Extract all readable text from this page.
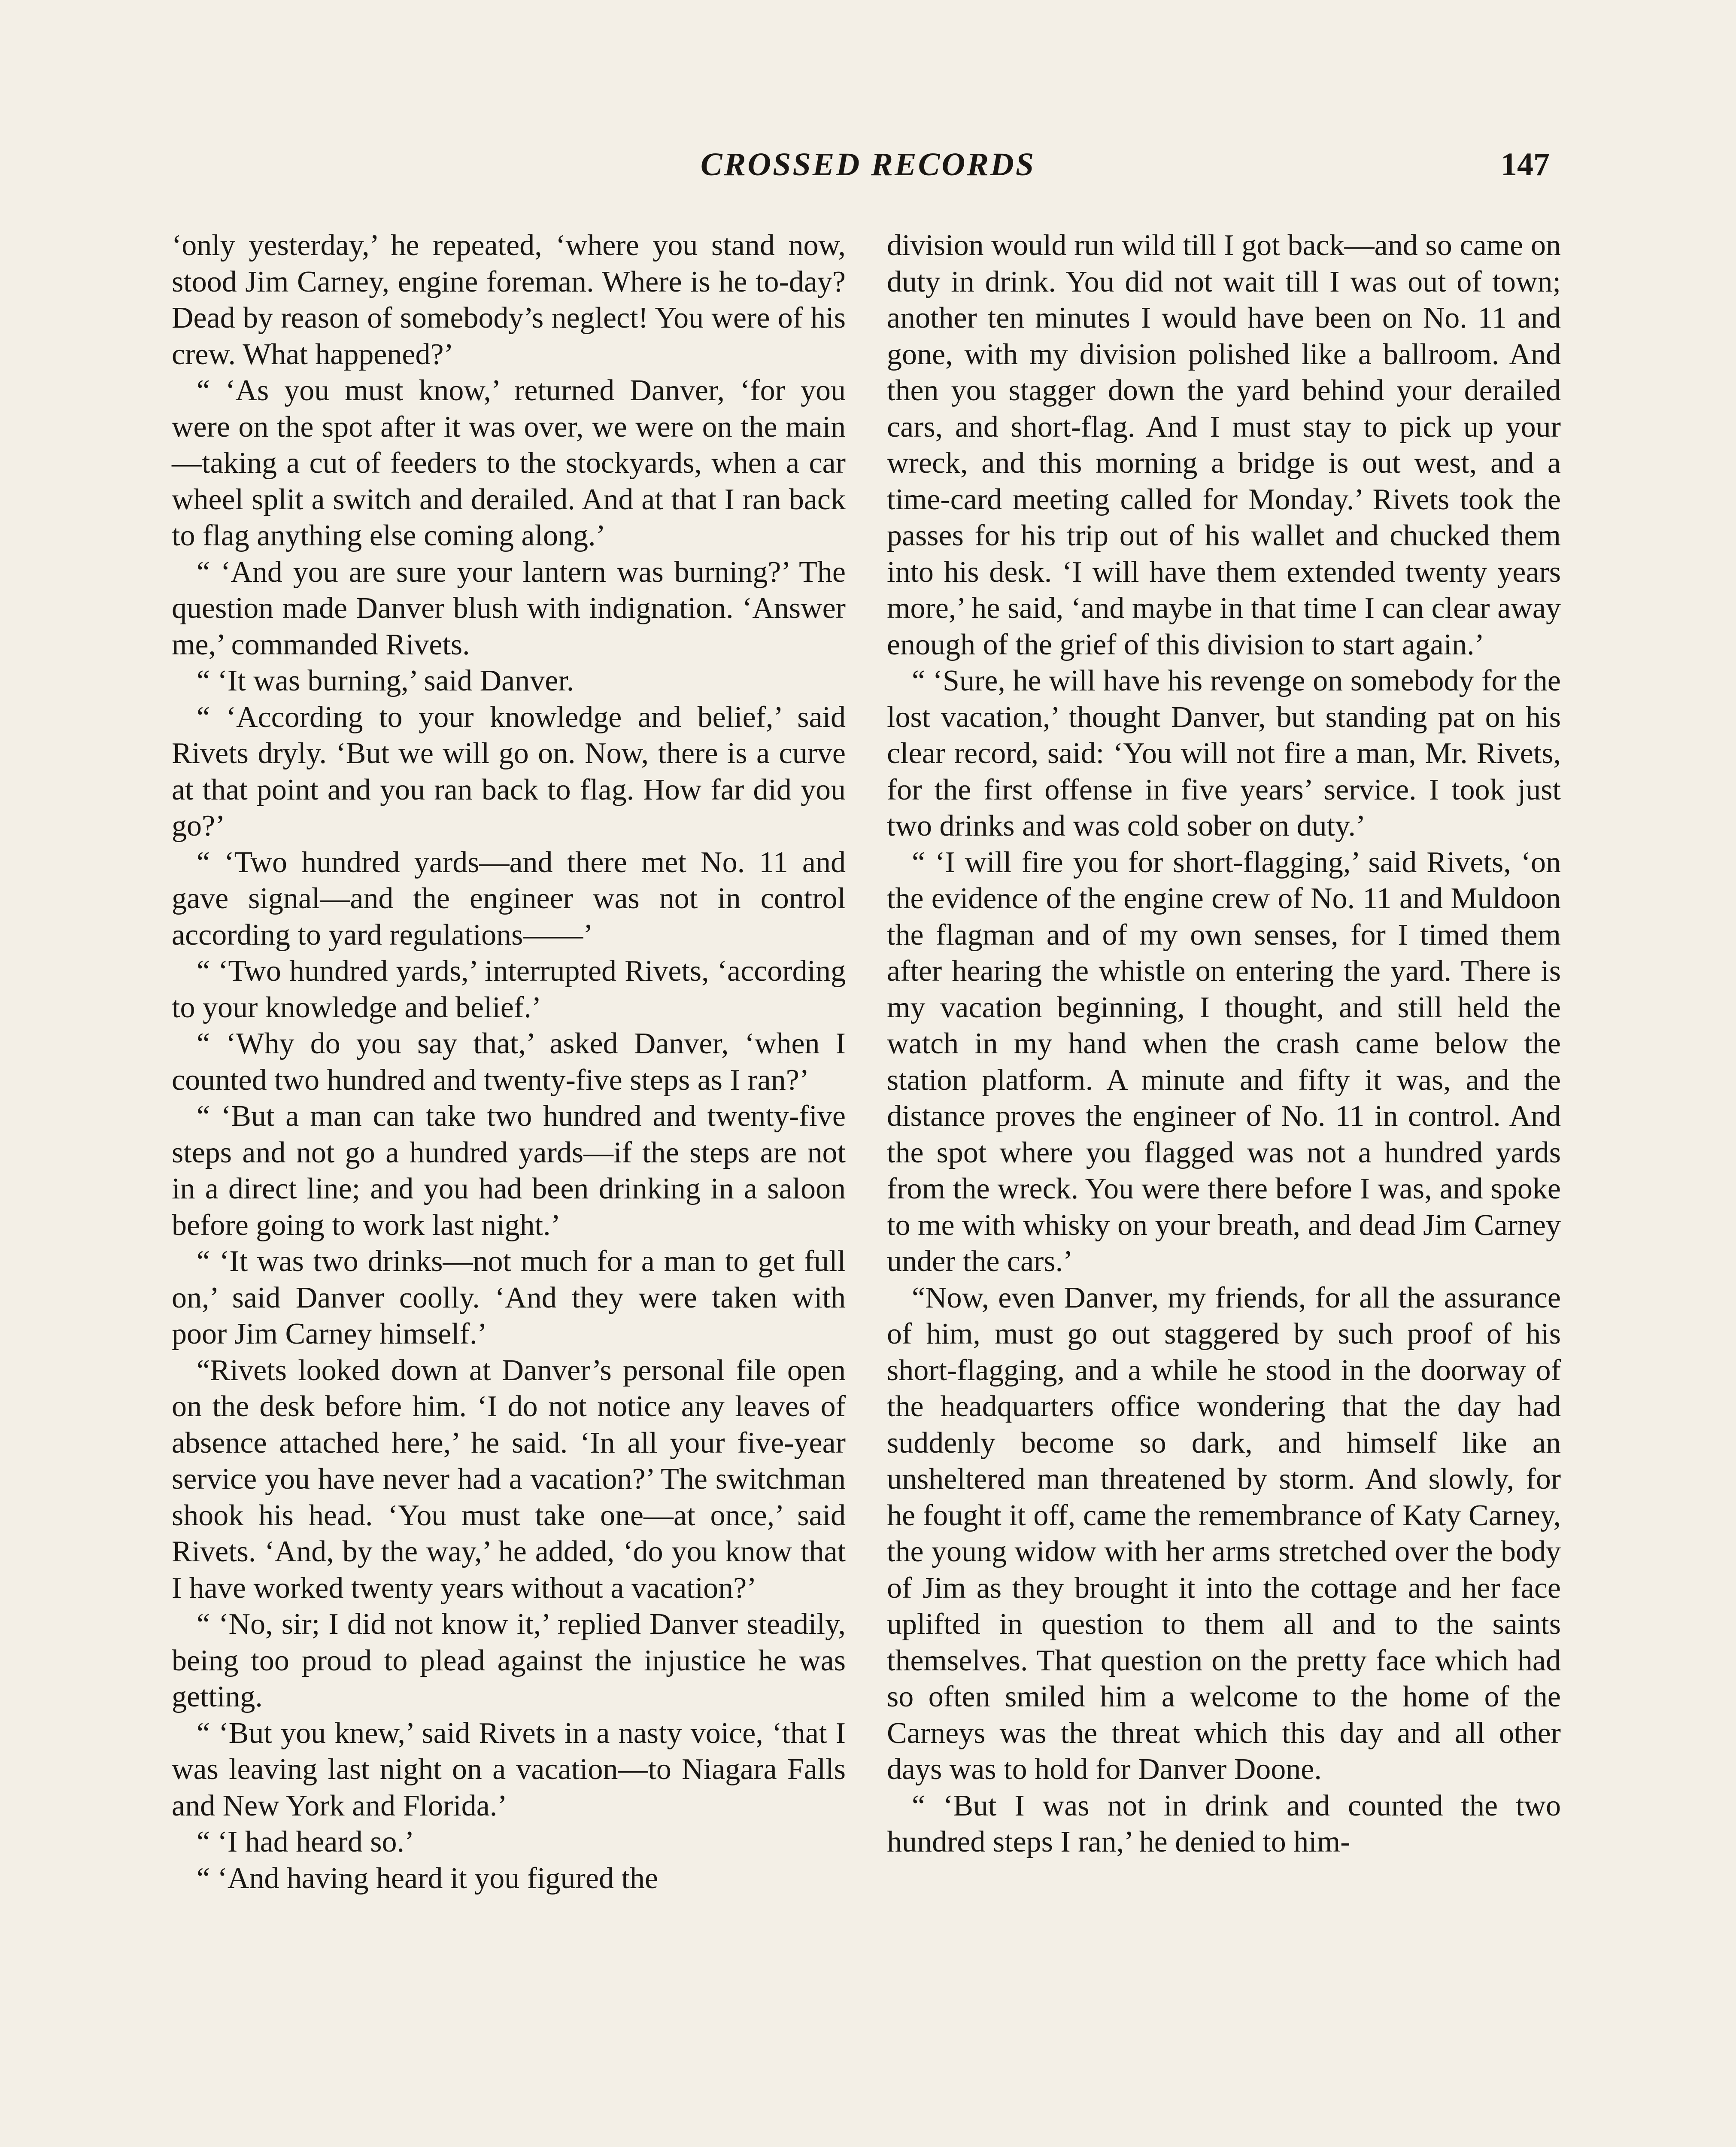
CROSSED RECORDS	147

‘only yesterday,’ he repeated, ‘where you stand now, stood Jim Carney, engine foreman. Where is he to-day? Dead by reason of somebody’s neglect! You were of his crew. What happened?’

“ ‘As you must know,’ returned Danver, ‘for you were on the spot after it was over, we were on the main—taking a cut of feeders to the stockyards, when a car wheel split a switch and derailed. And at that I ran back to flag anything else coming along.’

“ ‘And you are sure your lantern was burning?’ The question made Danver blush with indignation. ‘Answer me,’ commanded Rivets.

“ ‘It was burning,’ said Danver.

“ ‘According to your knowledge and belief,’ said Rivets dryly. ‘But we will go on. Now, there is a curve at that point and you ran back to flag. How far did you go?’

“ ‘Two hundred yards—and there met No. 11 and gave signal—and the engineer was not in control according to yard regulations——’

“ ‘Two hundred yards,’ interrupted Rivets, ‘according to your knowledge and belief.’

“ ‘Why do you say that,’ asked Danver, ‘when I counted two hundred and twenty-five steps as I ran?’

“ ‘But a man can take two hundred and twenty-five steps and not go a hundred yards—if the steps are not in a direct line; and you had been drinking in a saloon before going to work last night.’

“ ‘It was two drinks—not much for a man to get full on,’ said Danver coolly. ‘And they were taken with poor Jim Carney himself.’

“Rivets looked down at Danver’s personal file open on the desk before him. ‘I do not notice any leaves of absence attached here,’ he said. ‘In all your five-year service you have never had a vacation?’ The switchman shook his head. ‘You must take one—at once,’ said Rivets. ‘And, by the way,’ he added, ‘do you know that I have worked twenty years without a vacation?’

“ ‘No, sir; I did not know it,’ replied Danver steadily, being too proud to plead against the injustice he was getting.

“ ‘But you knew,’ said Rivets in a nasty voice, ‘that I was leaving last night on a vacation—to Niagara Falls and New York and Florida.’

“ ‘I had heard so.’

“ ‘And having heard it you figured the

division would run wild till I got back—and so came on duty in drink. You did not wait till I was out of town; another ten minutes I would have been on No. 11 and gone, with my division polished like a ballroom. And then you stagger down the yard behind your derailed cars, and short-flag. And I must stay to pick up your wreck, and this morning a bridge is out west, and a time-card meeting called for Monday.’ Rivets took the passes for his trip out of his wallet and chucked them into his desk. ‘I will have them extended twenty years more,’ he said, ‘and maybe in that time I can clear away enough of the grief of this division to start again.’

“ ‘Sure, he will have his revenge on somebody for the lost vacation,’ thought Danver, but standing pat on his clear record, said: ‘You will not fire a man, Mr. Rivets, for the first offense in five years’ service. I took just two drinks and was cold sober on duty.’

“ ‘I will fire you for short-flagging,’ said Rivets, ‘on the evidence of the engine crew of No. 11 and Muldoon the flagman and of my own senses, for I timed them after hearing the whistle on entering the yard. There is my vacation beginning, I thought, and still held the watch in my hand when the crash came below the station platform. A minute and fifty it was, and the distance proves the engineer of No. 11 in control. And the spot where you flagged was not a hundred yards from the wreck. You were there before I was, and spoke to me with whisky on your breath, and dead Jim Carney under the cars.’

“Now, even Danver, my friends, for all the assurance of him, must go out staggered by such proof of his short-flagging, and a while he stood in the doorway of the headquarters office wondering that the day had suddenly become so dark, and himself like an unsheltered man threatened by storm. And slowly, for he fought it off, came the remembrance of Katy Carney, the young widow with her arms stretched over the body of Jim as they brought it into the cottage and her face uplifted in question to them all and to the saints themselves. That question on the pretty face which had so often smiled him a welcome to the home of the Carneys was the threat which this day and all other days was to hold for Danver Doone.

“ ‘But I was not in drink and counted the two hundred steps I ran,’ he denied to him-
